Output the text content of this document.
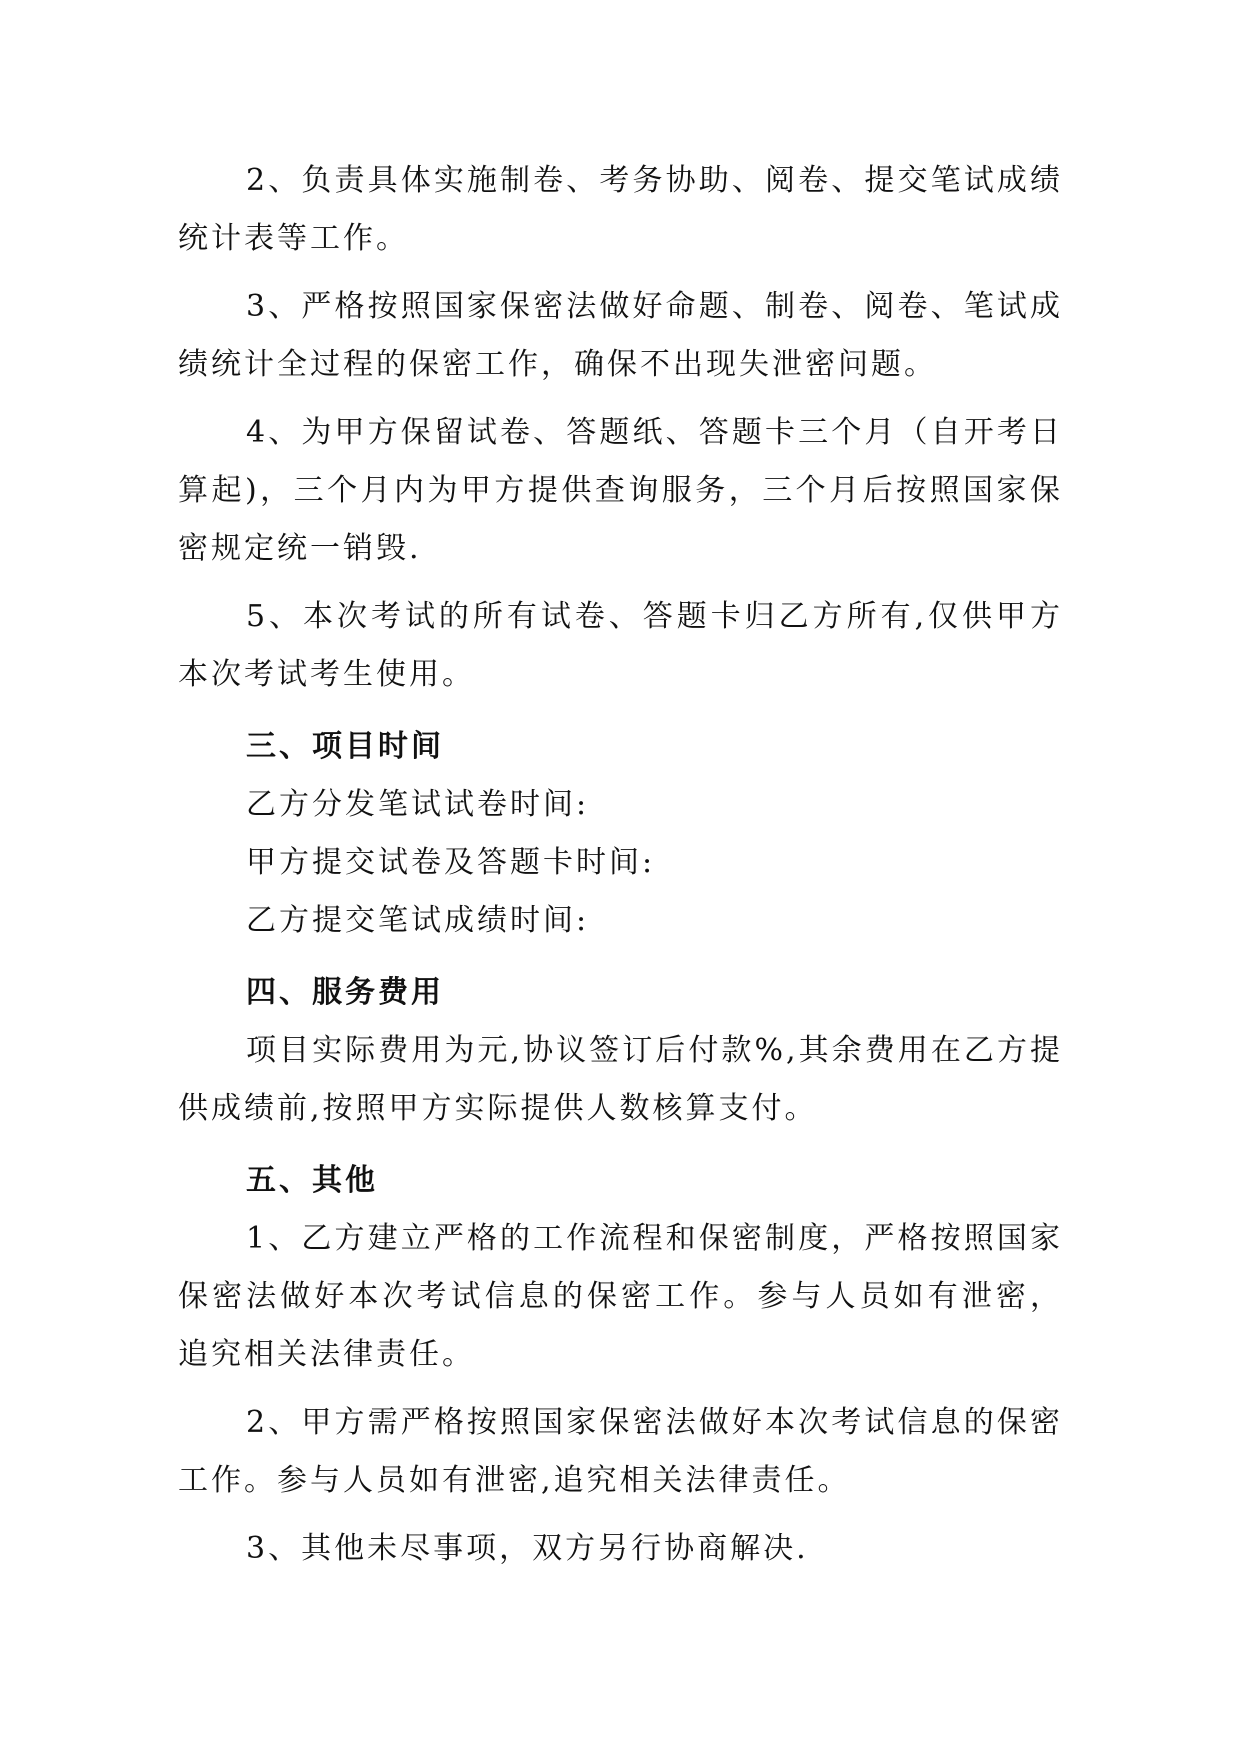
2、负责具体实施制卷、考务协助、阅卷、提交笔试成绩统计表等工作。

3、严格按照国家保密法做好命题、制卷、阅卷、笔试成绩统计全过程的保密工作，确保不出现失泄密问题。

4、为甲方保留试卷、答题纸、答题卡三个月（自开考日算起)，三个月内为甲方提供查询服务，三个月后按照国家保密规定统一销毁.

5、本次考试的所有试卷、答题卡归乙方所有,仅供甲方本次考试考生使用。

三、项目时间
乙方分发笔试试卷时间:
甲方提交试卷及答题卡时间:
乙方提交笔试成绩时间:
四、服务费用

项目实际费用为元,协议签订后付款%,其余费用在乙方提供成绩前,按照甲方实际提供人数核算支付。

五、其他

1、乙方建立严格的工作流程和保密制度，严格按照国家保密法做好本次考试信息的保密工作。参与人员如有泄密，追究相关法律责任。

2、甲方需严格按照国家保密法做好本次考试信息的保密工作。参与人员如有泄密,追究相关法律责任。

3、其他未尽事项，双方另行协商解决.
